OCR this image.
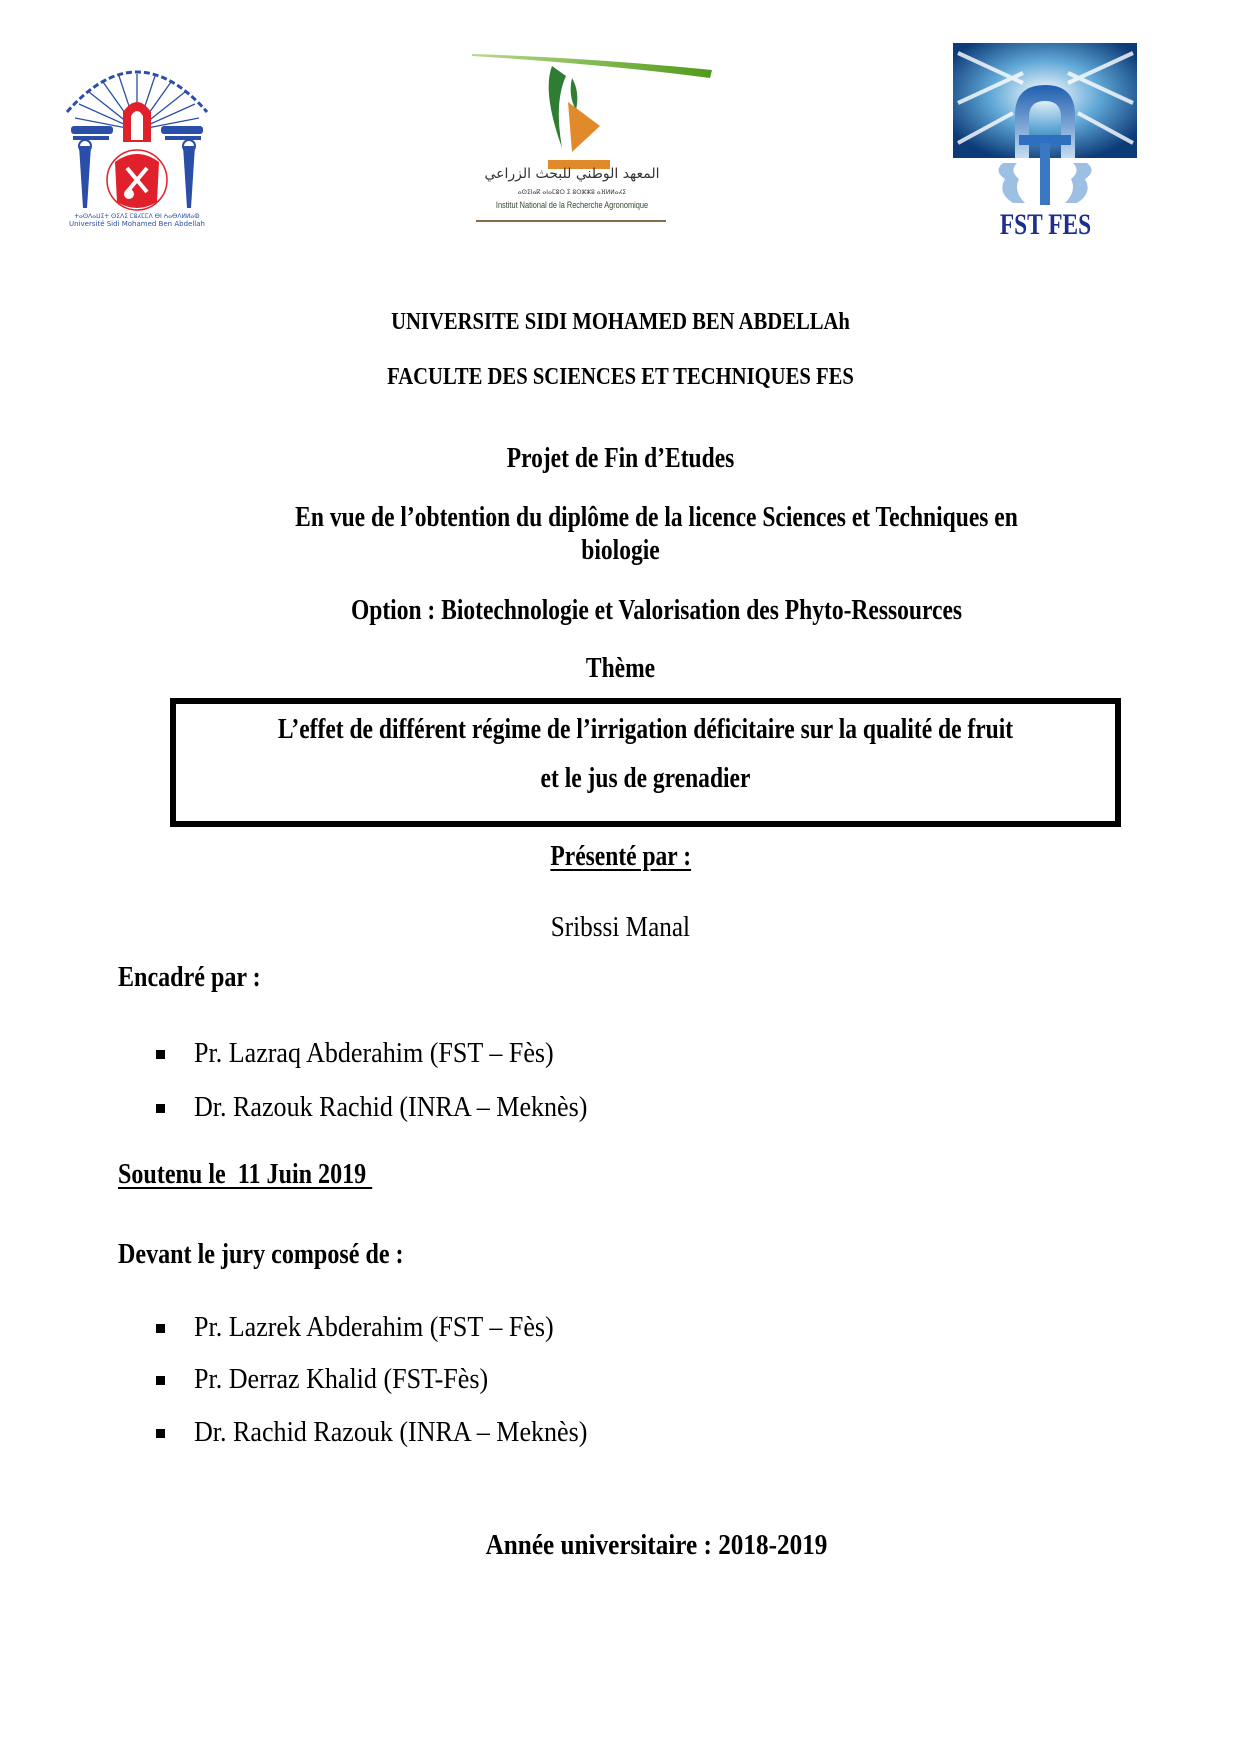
ⵜⴰⵙⴷⴰⵡⵉⵜ ⵙⵉⴷⵉ ⵎⵓⵃⵎⵎⴷ ⴱⵏ ⵄⴰⴱⴷⵍⵍⴰⵀ
Université Sidi Mohamed Ben Abdellah
المعهد الوطني للبحث الزراعي
ⴰⵙⵉⵏⴰⴽ ⴰⵏⴰⵎⵓⵔ ⵉ ⵓⵔⵣⵣⵓ ⴰⴼⵍⵍⴰⵃⵉ
Institut National de la Recherche Agronomique
FST FES
UNIVERSITE SIDI MOHAMED BEN ABDELLAh
FACULTE DES SCIENCES ET TECHNIQUES FES
Projet de Fin d’Etudes
En vue de l’obtention du diplôme de la licence Sciences et Techniques en
biologie
Option : Biotechnologie et Valorisation des Phyto-Ressources
Thème
L’effet de différent régime de l’irrigation déficitaire sur la qualité de fruit
et le jus de grenadier
Présenté par :
Sribssi Manal
Encadré par :
Pr. Lazraq Abderahim (FST – Fès)
Dr. Razouk Rachid (INRA – Meknès)
Soutenu le  11 Juin 2019
Devant le jury composé de :
Pr. Lazrek Abderahim (FST – Fès)
Pr. Derraz Khalid (FST-Fès)
Dr. Rachid Razouk (INRA – Meknès)
Année universitaire : 2018-2019
